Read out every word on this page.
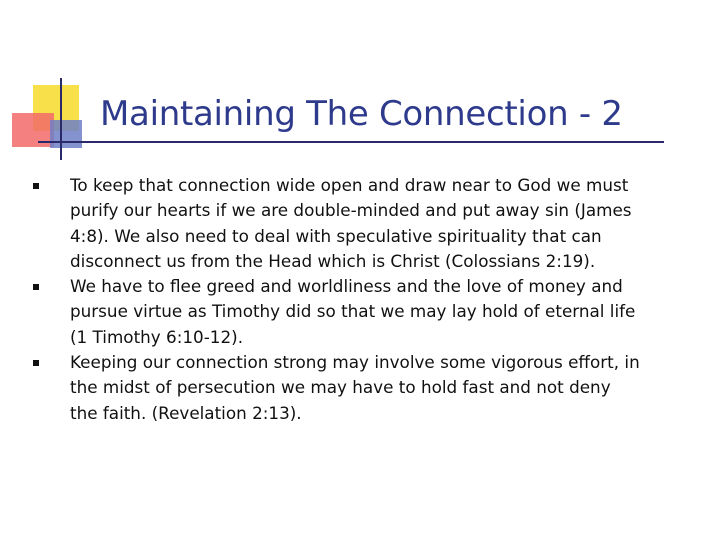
Maintaining The Connection - 2
To keep that connection wide open and draw near to God we must purify our hearts if we are double-minded and put away sin (James 4:8). We also need to deal with speculative spirituality that can disconnect us from the Head which is Christ (Colossians 2:19).
We have to flee greed and worldliness and the love of money and pursue virtue as Timothy did so that we may lay hold of eternal life (1 Timothy 6:10-12).
Keeping our connection strong may involve some vigorous effort, in the midst of persecution we may have to hold fast and not deny the faith. (Revelation 2:13).
